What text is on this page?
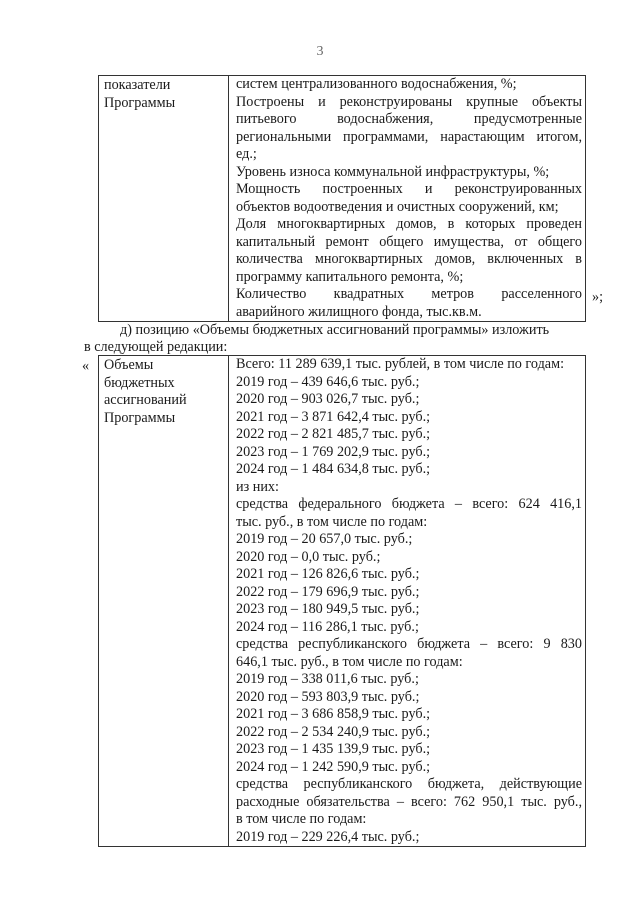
3
показатели
Программы

систем централизованного водоснабжения, %;
Построены и реконструированы крупные объекты
питьевого водоснабжения, предусмотренные
региональными программами, нарастающим итогом,
ед.;
Уровень износа коммунальной инфраструктуры, %;
Мощность построенных и реконструированных
объектов водоотведения и очистных сооружений, км;
Доля многоквартирных домов, в которых проведен
капитальный ремонт общего имущества, от общего
количества многоквартирных домов, включенных в
программу капитального ремонта, %;
Количество квадратных метров расселенного
аварийного жилищного фонда, тыс.кв.м.
»;
д) позицию «Объемы бюджетных ассигнований программы» изложить
в следующей редакции:
« Объемы
бюджетных
ассигнований
Программы

Всего: 11 289 639,1 тыс. рублей, в том числе по годам:
2019 год – 439 646,6 тыс. руб.;
2020 год – 903 026,7 тыс. руб.;
2021 год – 3 871 642,4 тыс. руб.;
2022 год – 2 821 485,7 тыс. руб.;
2023 год – 1 769 202,9 тыс. руб.;
2024 год – 1 484 634,8 тыс. руб.;
из них:
средства федерального бюджета – всего: 624 416,1
тыс. руб., в том числе по годам:
2019 год – 20 657,0 тыс. руб.;
2020 год – 0,0 тыс. руб.;
2021 год – 126 826,6 тыс. руб.;
2022 год – 179 696,9 тыс. руб.;
2023 год – 180 949,5 тыс. руб.;
2024 год – 116 286,1 тыс. руб.;
средства республиканского бюджета – всего: 9 830
646,1 тыс. руб., в том числе по годам:
2019 год – 338 011,6 тыс. руб.;
2020 год – 593 803,9 тыс. руб.;
2021 год – 3 686 858,9 тыс. руб.;
2022 год – 2 534 240,9 тыс. руб.;
2023 год – 1 435 139,9 тыс. руб.;
2024 год – 1 242 590,9 тыс. руб.;
средства республиканского бюджета, действующие
расходные обязательства – всего: 762 950,1 тыс. руб.,
в том числе по годам:
2019 год – 229 226,4 тыс. руб.;
